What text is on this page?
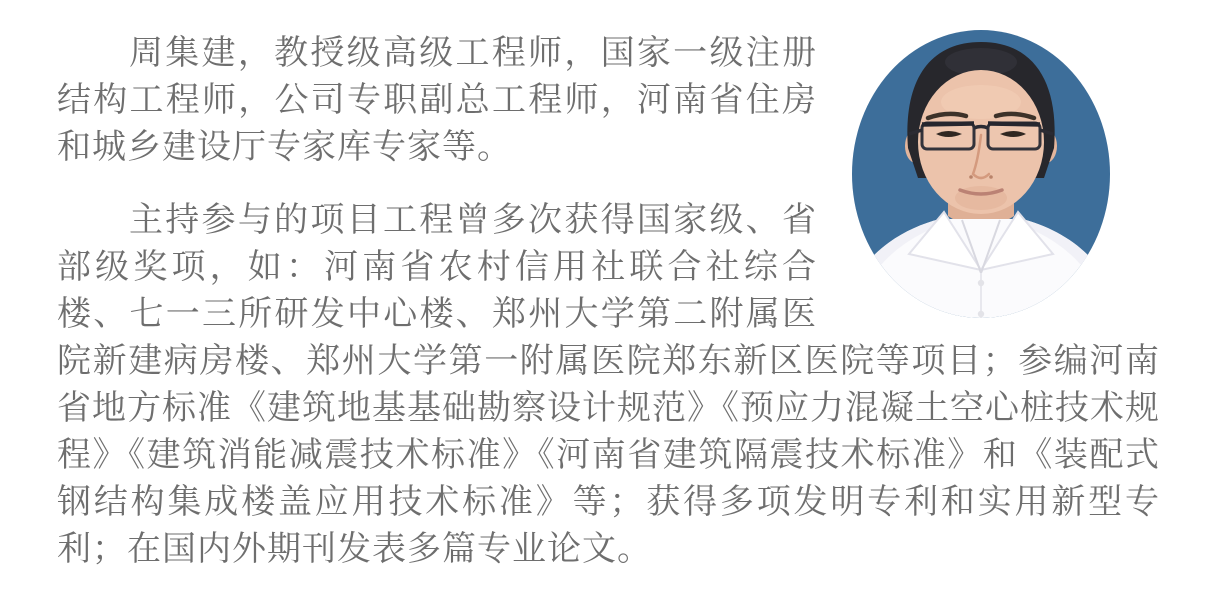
周集建，教授级高级工程师，国家一级注册结构工程师，公司专职副总工程师，河南省住房和城乡建设厅专家库专家等。

主持参与的项目工程曾多次获得国家级、省部级奖项，如：河南省农村信用社联合社综合楼、七一三所研发中心楼、郑州大学第二附属医院新建病房楼、郑州大学第一附属医院郑东新区医院等项目；参编河南省地方标准《建筑地基基础勘察设计规范》《预应力混凝土空心桩技术规程》《建筑消能减震技术标准》《河南省建筑隔震技术标准》和《装配式钢结构集成楼盖应用技术标准》等；获得多项发明专利和实用新型专利；在国内外期刊发表多篇专业论文。
